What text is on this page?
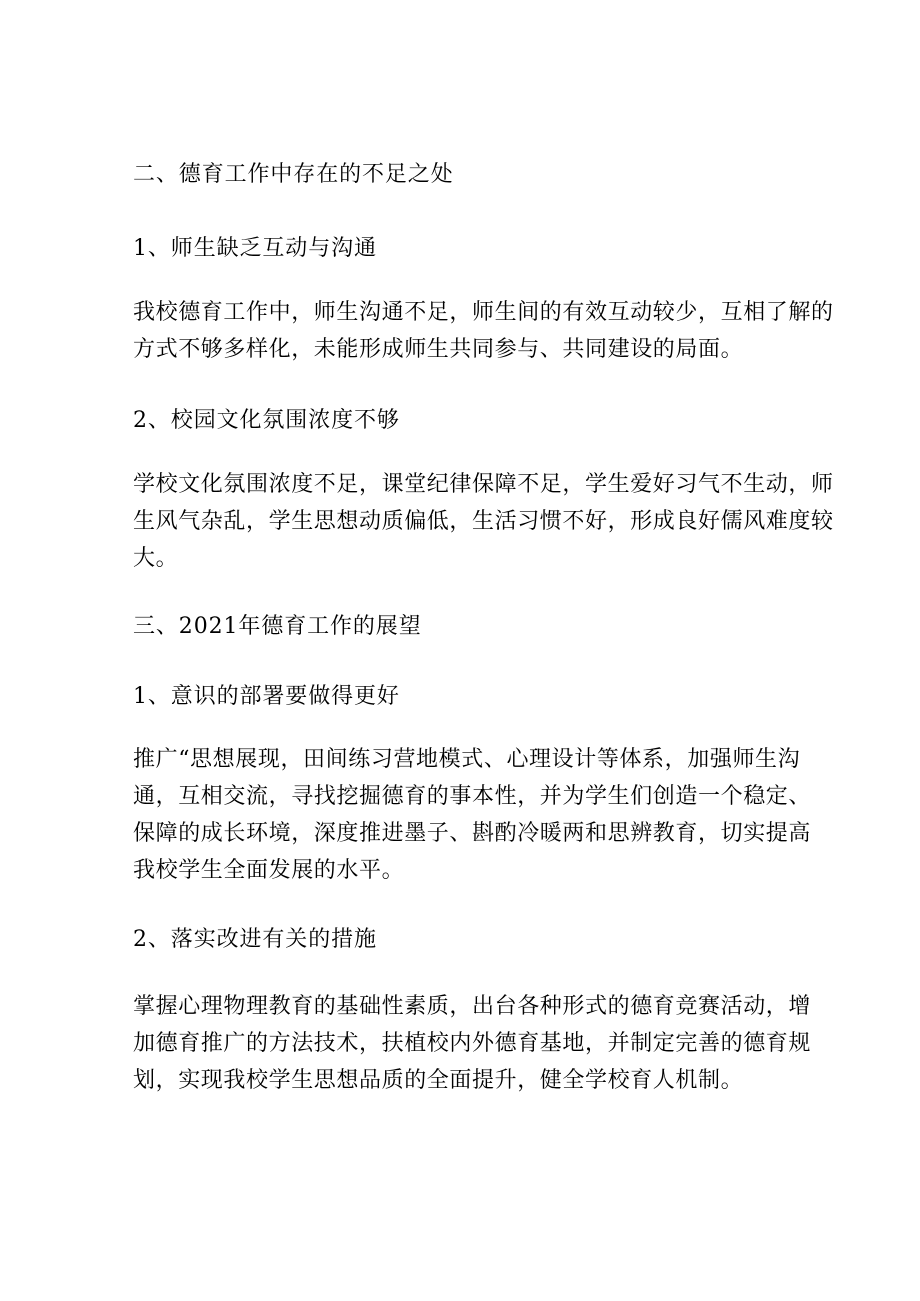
二、德育工作中存在的不足之处
1、师生缺乏互动与沟通
我校德育工作中，师生沟通不足，师生间的有效互动较少，互相了解的
方式不够多样化，未能形成师生共同参与、共同建设的局面。
2、校园文化氛围浓度不够
学校文化氛围浓度不足，课堂纪律保障不足，学生爱好习气不生动，师
生风气杂乱，学生思想动质偏低，生活习惯不好，形成良好儒风难度较
大。
三、2021年德育工作的展望
1、意识的部署要做得更好
推广“思想展现，田间练习营地模式、心理设计等体系，加强师生沟
通，互相交流，寻找挖掘德育的事本性，并为学生们创造一个稳定、
保障的成长环境，深度推进墨子、斟酌冷暖两和思辨教育，切实提高
我校学生全面发展的水平。
2、落实改进有关的措施
掌握心理物理教育的基础性素质，出台各种形式的德育竞赛活动，增
加德育推广的方法技术，扶植校内外德育基地，并制定完善的德育规
划，实现我校学生思想品质的全面提升，健全学校育人机制。
